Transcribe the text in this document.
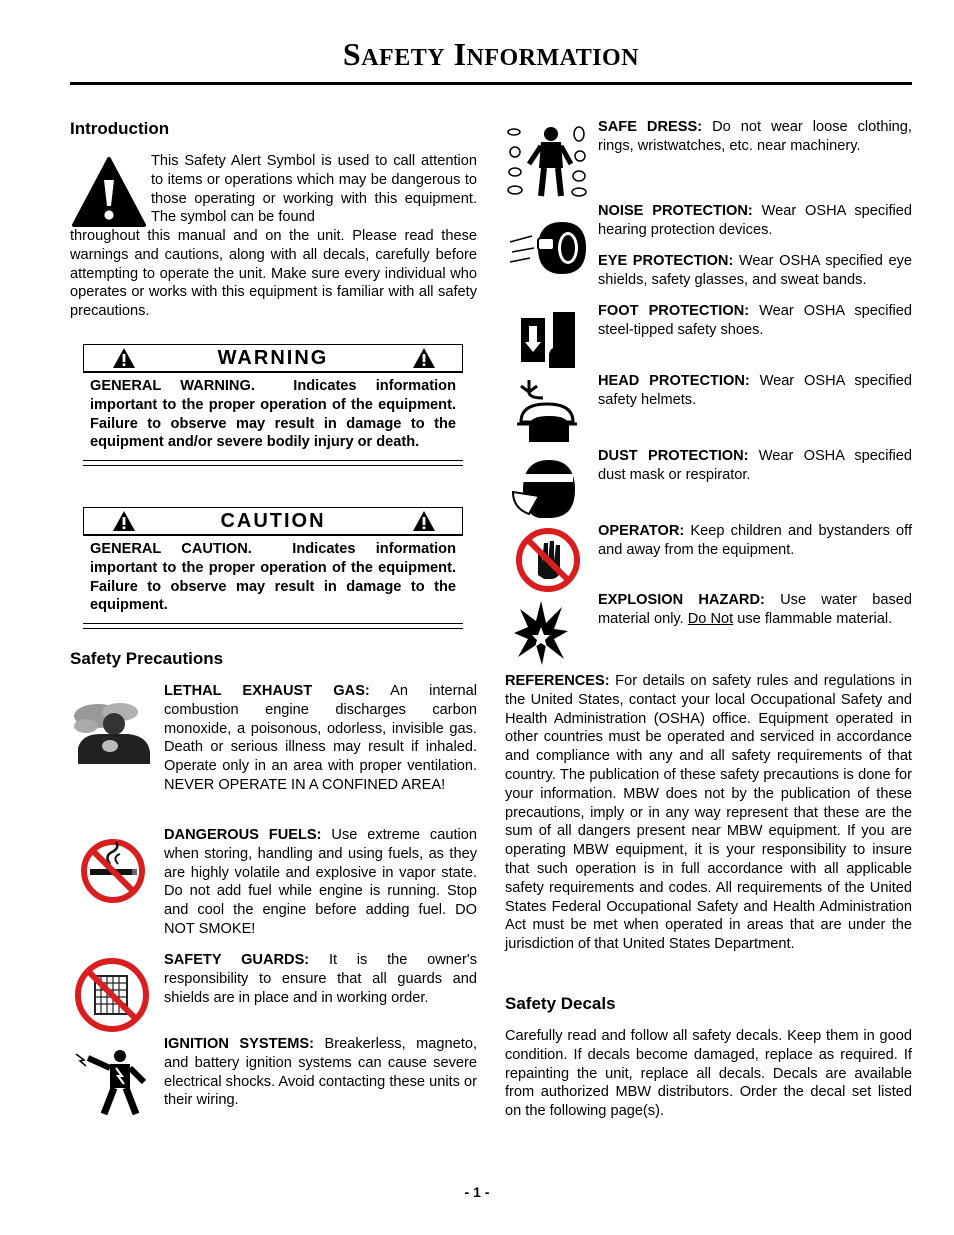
SAFETY INFORMATION
Introduction
This Safety Alert Symbol is used to call attention to items or operations which may be dangerous to those operating or working with this equipment. The symbol can be found
throughout this manual and on the unit. Please read these warnings and cautions, along with all decals, carefully before attempting to operate the unit. Make sure every individual who operates or works with this equipment is familiar with all safety precautions.
WARNING
GENERAL WARNING.	Indicates information important to the proper operation of the equipment. Failure to observe may result in damage to the equipment and/or severe bodily injury or death.
CAUTION
GENERAL CAUTION.	Indicates information important to the proper operation of the equipment. Failure to observe may result in damage to the equipment.
Safety Precautions
LETHAL EXHAUST GAS: An internal combustion engine discharges carbon monoxide, a poisonous, odorless, invisible gas. Death or serious illness may result if inhaled. Operate only in an area with proper ventilation. NEVER OPERATE IN A CONFINED AREA!
DANGEROUS FUELS: Use extreme caution when storing, handling and using fuels, as they are highly volatile and explosive in vapor state. Do not add fuel while engine is running. Stop and cool the engine before adding fuel. DO NOT SMOKE!
SAFETY GUARDS: It is the owner's responsibility to ensure that all guards and shields are in place and in working order.
IGNITION SYSTEMS: Breakerless, magneto, and battery ignition systems can cause severe electrical shocks. Avoid contacting these units or their wiring.
SAFE DRESS: Do not wear loose clothing, rings, wristwatches, etc. near machinery.
NOISE PROTECTION: Wear OSHA specified hearing protection devices.
EYE PROTECTION: Wear OSHA specified eye shields, safety glasses, and sweat bands.
FOOT PROTECTION: Wear OSHA specified steel-tipped safety shoes.
HEAD PROTECTION: Wear OSHA specified safety helmets.
DUST PROTECTION: Wear OSHA specified dust mask or respirator.
OPERATOR: Keep children and bystanders off and away from the equipment.
EXPLOSION HAZARD: Use water based material only. Do Not use flammable material.
REFERENCES: For details on safety rules and regulations in the United States, contact your local Occupational Safety and Health Administration (OSHA) office. Equipment operated in other countries must be operated and serviced in accordance and compliance with any and all safety requirements of that country. The publication of these safety precautions is done for your information. MBW does not by the publication of these precautions, imply or in any way represent that these are the sum of all dangers present near MBW equipment. If you are operating MBW equipment, it is your responsibility to insure that such operation is in full accordance with all applicable safety requirements and codes. All requirements of the United States Federal Occupational Safety and Health Administration Act must be met when operated in areas that are under the jurisdiction of that United States Department.
Safety Decals
Carefully read and follow all safety decals. Keep them in good condition. If decals become damaged, replace as required. If repainting the unit, replace all decals. Decals are available from authorized MBW distributors. Order the decal set listed on the following page(s).
- 1 -
